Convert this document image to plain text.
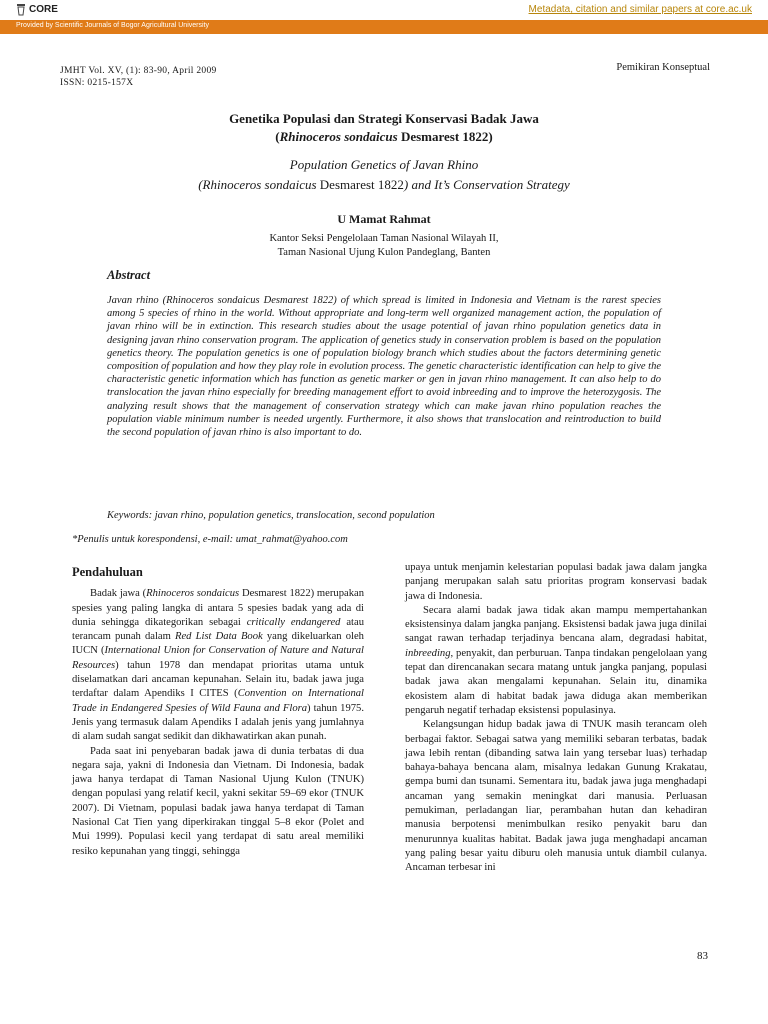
CORE	Metadata, citation and similar papers at core.ac.uk
Provided by Scientific Journals of Bogor Agricultural University
JMHT Vol. XV, (1): 83-90, April 2009
ISSN: 0215-157X
Pemikiran Konseptual
Genetika Populasi dan Strategi Konservasi Badak Jawa
(Rhinoceros sondaicus Desmarest 1822)
Population Genetics of Javan Rhino
(Rhinoceros sondaicus Desmarest 1822) and It’s Conservation Strategy
U Mamat Rahmat
Kantor Seksi Pengelolaan Taman Nasional Wilayah II,
Taman Nasional Ujung Kulon Pandeglang, Banten
Abstract
Javan rhino (Rhinoceros sondaicus Desmarest 1822) of which spread is limited in Indonesia and Vietnam is the rarest species among 5 species of rhino in the world. Without appropriate and long-term well organized management action, the population of javan rhino will be in extinction. This research studies about the usage potential of javan rhino population genetics data in designing javan rhino conservation program. The application of genetics study in conservation problem is based on the population genetics theory. The population genetics is one of population biology branch which studies about the factors determining genetic composition of population and how they play role in evolution process. The genetic characteristic identification can help to give the characteristic genetic information which has function as genetic marker or gen in javan rhino management. It can also help to do translocation the javan rhino especially for breeding management effort to avoid inbreeding and to improve the heterozygosis. The analyzing result shows that the management of conservation strategy which can make javan rhino population reaches the population viable minimum number is needed urgently. Furthermore, it also shows that translocation and reintroduction to build the second population of javan rhino is also important to do.
Keywords: javan rhino, population genetics, translocation, second population
*Penulis untuk korespondensi, e-mail: umat_rahmat@yahoo.com
Pendahuluan

Badak jawa (Rhinoceros sondaicus Desmarest 1822) merupakan spesies yang paling langka di antara 5 spesies badak yang ada di dunia sehingga dikategorikan sebagai critically endangered atau terancam punah dalam Red List Data Book yang dikeluarkan oleh IUCN (International Union for Conservation of Nature and Natural Resources) tahun 1978 dan mendapat prioritas utama untuk diselamatkan dari ancaman kepunahan. Selain itu, badak jawa juga terdaftar dalam Apendiks I CITES (Convention on International Trade in Endangered Spesies of Wild Fauna and Flora) tahun 1975. Jenis yang termasuk dalam Apendiks I adalah jenis yang jumlahnya di alam sudah sangat sedikit dan dikhawatirkan akan punah.

Pada saat ini penyebaran badak jawa di dunia terbatas di dua negara saja, yakni di Indonesia dan Vietnam. Di Indonesia, badak jawa hanya terdapat di Taman Nasional Ujung Kulon (TNUK) dengan populasi yang relatif kecil, yakni sekitar 59–69 ekor (TNUK 2007). Di Vietnam, populasi badak jawa hanya terdapat di Taman Nasional Cat Tien yang diperkirakan tinggal 5–8 ekor (Polet and Mui 1999). Populasi kecil yang terdapat di satu areal memiliki resiko kepunahan yang tinggi, sehingga

upaya untuk menjamin kelestarian populasi badak jawa dalam jangka panjang merupakan salah satu prioritas program konservasi badak jawa di Indonesia.

Secara alami badak jawa tidak akan mampu mempertahankan eksistensinya dalam jangka panjang. Eksistensi badak jawa juga dinilai sangat rawan terhadap terjadinya bencana alam, degradasi habitat, inbreeding, penyakit, dan perburuan. Tanpa tindakan pengelolaan yang tepat dan direncanakan secara matang untuk jangka panjang, populasi badak jawa akan mengalami kepunahan. Selain itu, dinamika ekosistem alam di habitat badak jawa diduga akan memberikan pengaruh negatif terhadap eksistensi populasinya.

Kelangsungan hidup badak jawa di TNUK masih terancam oleh berbagai faktor. Sebagai satwa yang memiliki sebaran terbatas, badak jawa lebih rentan (dibanding satwa lain yang tersebar luas) terhadap bahaya-bahaya bencana alam, misalnya ledakan Gunung Krakatau, gempa bumi dan tsunami. Sementara itu, badak jawa juga menghadapi ancaman yang semakin meningkat dari manusia. Perluasan pemukiman, perladangan liar, perambahan hutan dan kehadiran manusia berpotensi menimbulkan resiko penyakit baru dan menurunnya kualitas habitat. Badak jawa juga menghadapi ancaman yang paling besar yaitu diburu oleh manusia untuk diambil culanya. Ancaman terbesar ini

83
